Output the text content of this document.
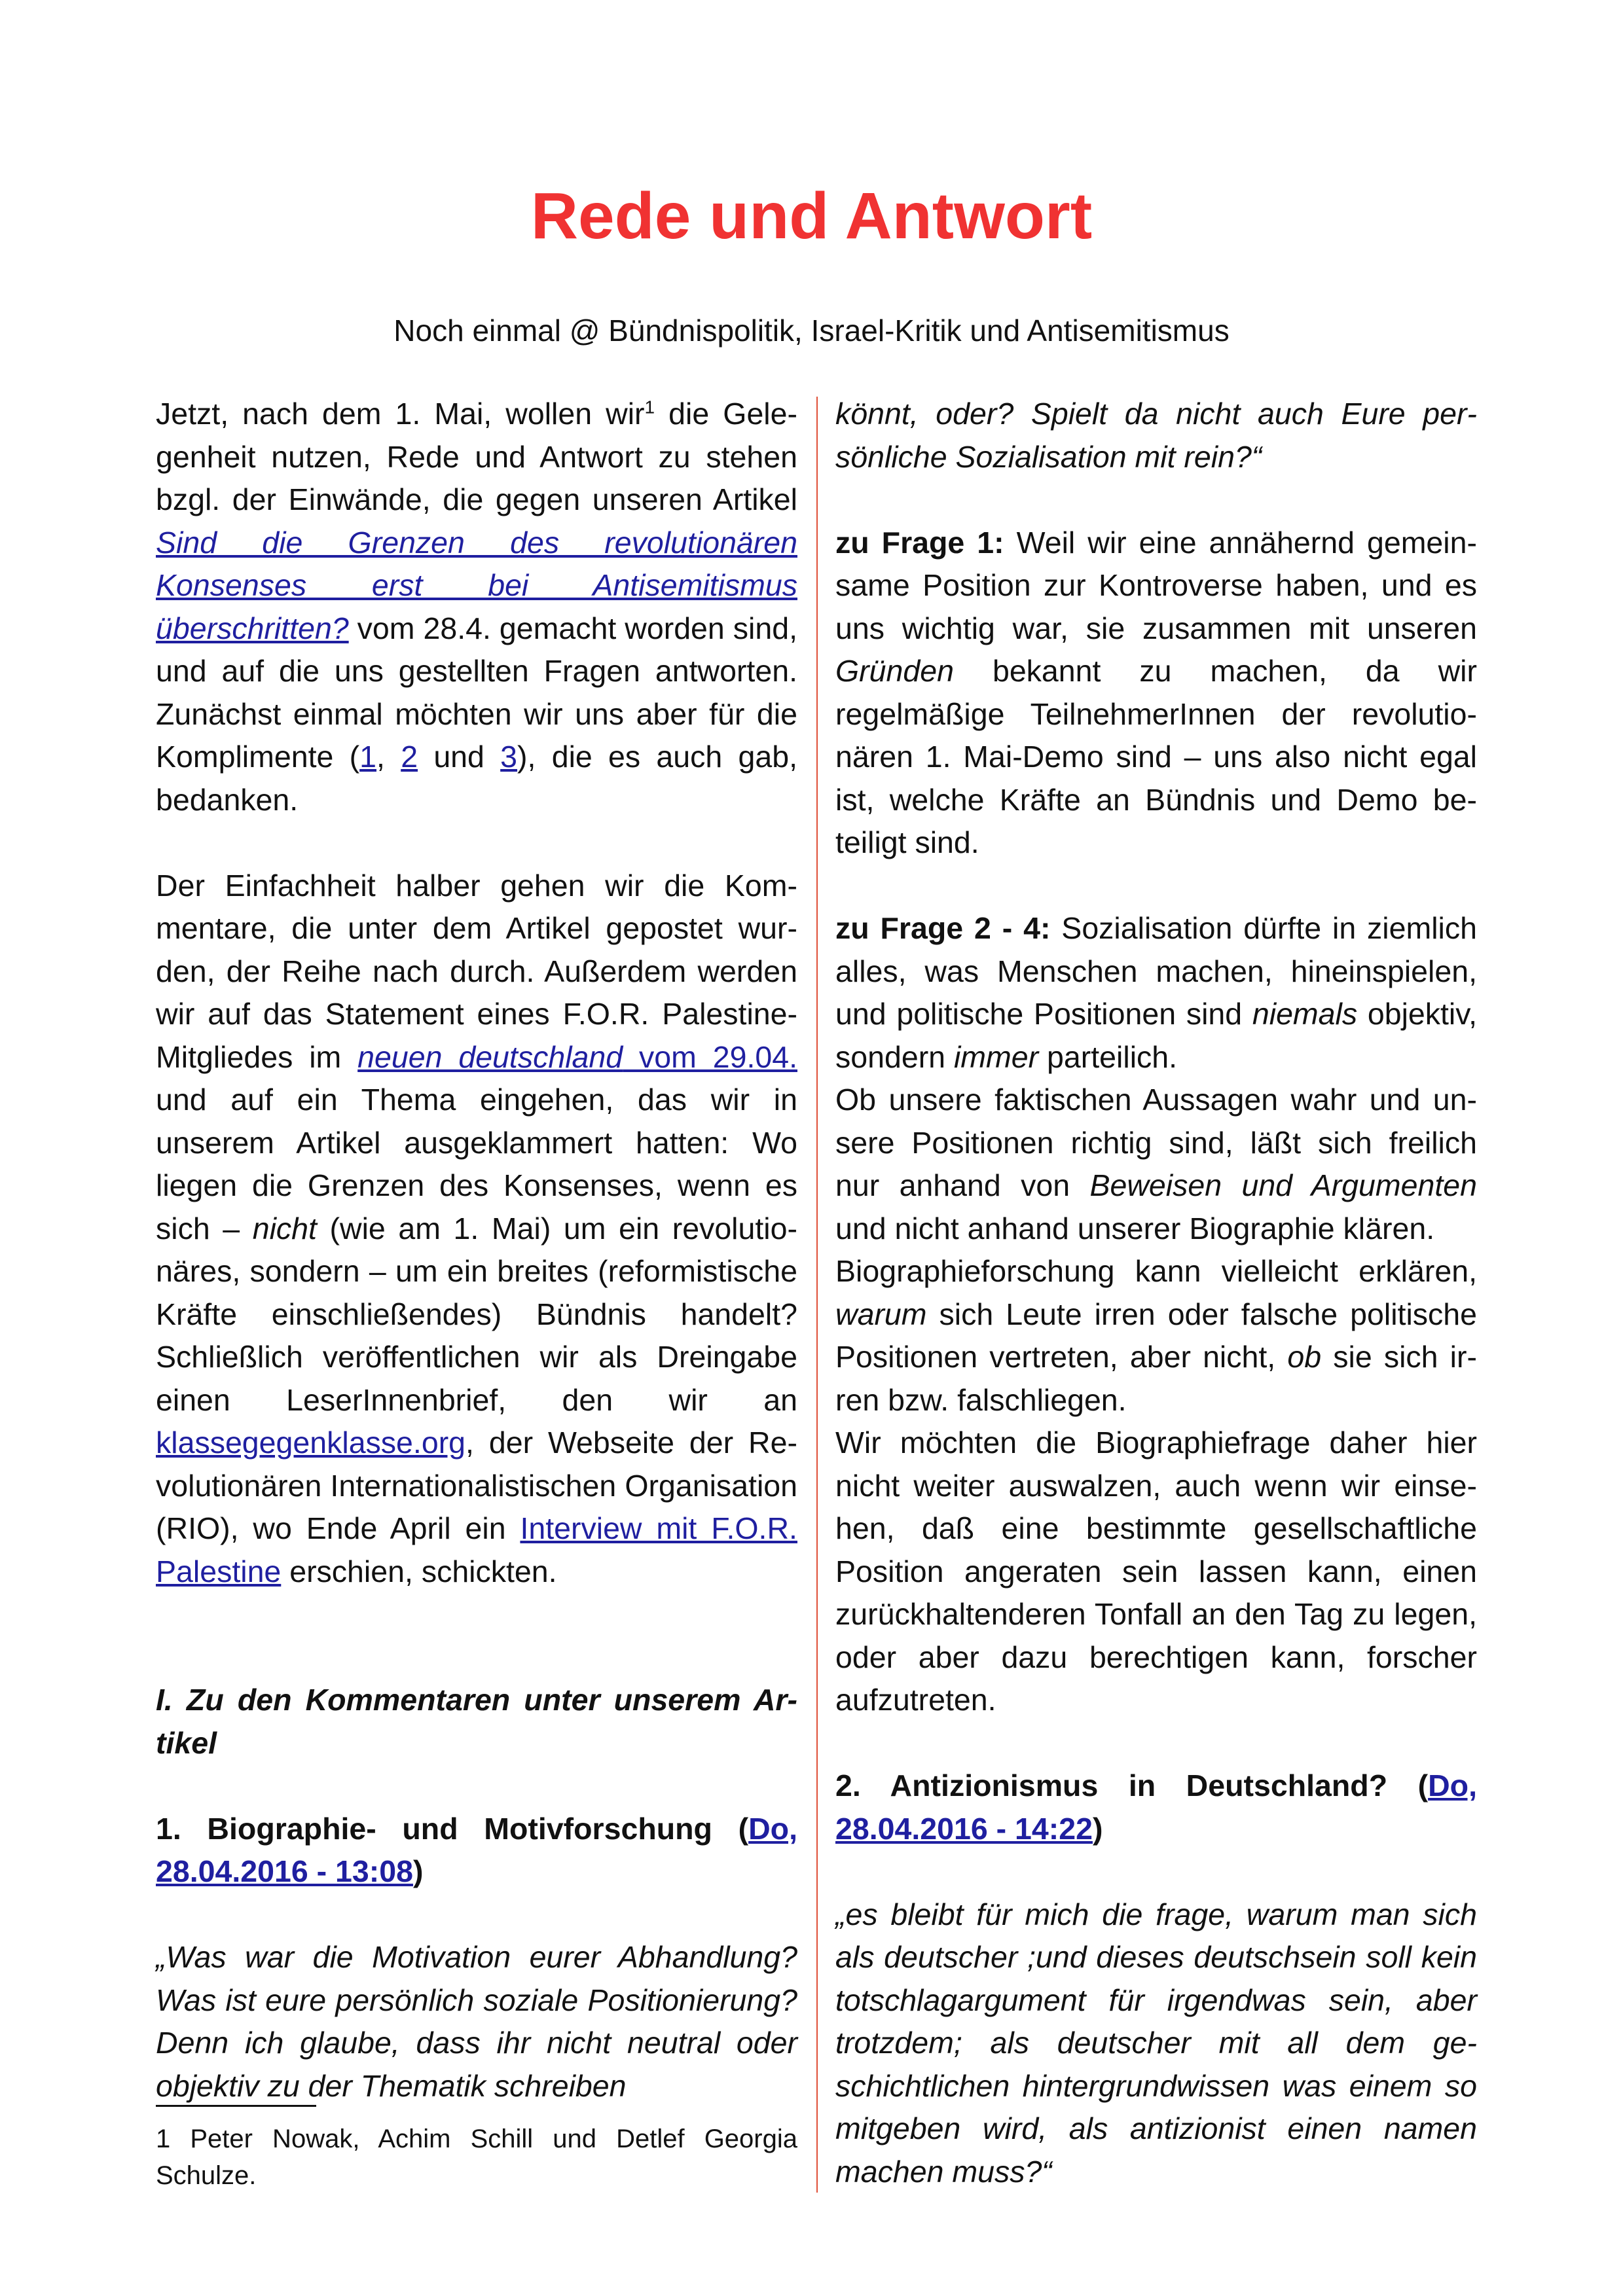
Rede und Antwort

Noch einmal @ Bündnispolitik, Israel-Kritik und Antisemitismus

Jetzt, nach dem 1. Mai, wollen wir$^1$ die Gelegenheit nutzen, Rede und Antwort zu stehen bzgl. der Einwände, die gegen unseren Artikel Sind die Grenzen des revolutionären Konsenses erst bei Antisemitismus überschritten? vom 28.4. gemacht worden sind, und auf die uns gestellten Fragen antworten. Zunächst einmal möchten wir uns aber für die Komplimente (1, 2 und 3), die es auch gab, bedanken.

Der Einfachheit halber gehen wir die Kommentare, die unter dem Artikel gepostet wurden, der Reihe nach durch. Außerdem werden wir auf das Statement eines F.O.R. Palestine-Mitgliedes im neuen deutschland vom 29.04. und auf ein Thema eingehen, das wir in unserem Artikel ausgeklammert hatten: Wo liegen die Grenzen des Konsenses, wenn es sich – nicht (wie am 1. Mai) um ein revolutionäres, sondern – um ein breites (reformistische Kräfte einschließendes) Bündnis handelt? Schließlich veröffentlichen wir als Dreingabe einen LeserInnenbrief, den wir an klassegegenklasse.org, der Webseite der Revolutionären Internationalistischen Organisation (RIO), wo Ende April ein Interview mit F.O.R. Palestine erschien, schickten.

I. Zu den Kommentaren unter unserem Artikel

1. Biographie- und Motivforschung (Do, 28.04.2016 - 13:08)

„Was war die Motivation eurer Abhandlung? Was ist eure persönlich soziale Positionierung? Denn ich glaube, dass ihr nicht neutral oder objektiv zu der Thematik schreiben

könnt, oder? Spielt da nicht auch Eure persönliche Sozialisation mit rein?“

zu Frage 1: Weil wir eine annähernd gemeinsame Position zur Kontroverse haben, und es uns wichtig war, sie zusammen mit unseren Gründen bekannt zu machen, da wir regelmäßige TeilnehmerInnen der revolutionären 1. Mai-Demo sind – uns also nicht egal ist, welche Kräfte an Bündnis und Demo beteiligt sind.

zu Frage 2 - 4: Sozialisation dürfte in ziemlich alles, was Menschen machen, hineinspielen, und politische Positionen sind niemals objektiv, sondern immer parteilich.

Ob unsere faktischen Aussagen wahr und unsere Positionen richtig sind, läßt sich freilich nur anhand von Beweisen und Argumenten und nicht anhand unserer Biographie klären.

Biographieforschung kann vielleicht erklären, warum sich Leute irren oder falsche politische Positionen vertreten, aber nicht, ob sie sich irren bzw. falschliegen.

Wir möchten die Biographiefrage daher hier nicht weiter auswalzen, auch wenn wir einsehen, daß eine bestimmte gesellschaftliche Position angeraten sein lassen kann, einen zurückhaltenderen Tonfall an den Tag zu legen, oder aber dazu berechtigen kann, forscher aufzutreten.

2. Antizionismus in Deutschland? (Do, 28.04.2016 - 14:22)

„es bleibt für mich die frage, warum man sich als deutscher ;und dieses deutschsein soll kein totschlagargument für irgendwas sein, aber trotzdem; als deutscher mit all dem geschichtlichen hintergrundwissen was einem so mitgeben wird, als antizionist einen namen machen muss?“

1 Peter Nowak, Achim Schill und Detlef Georgia Schulze.
